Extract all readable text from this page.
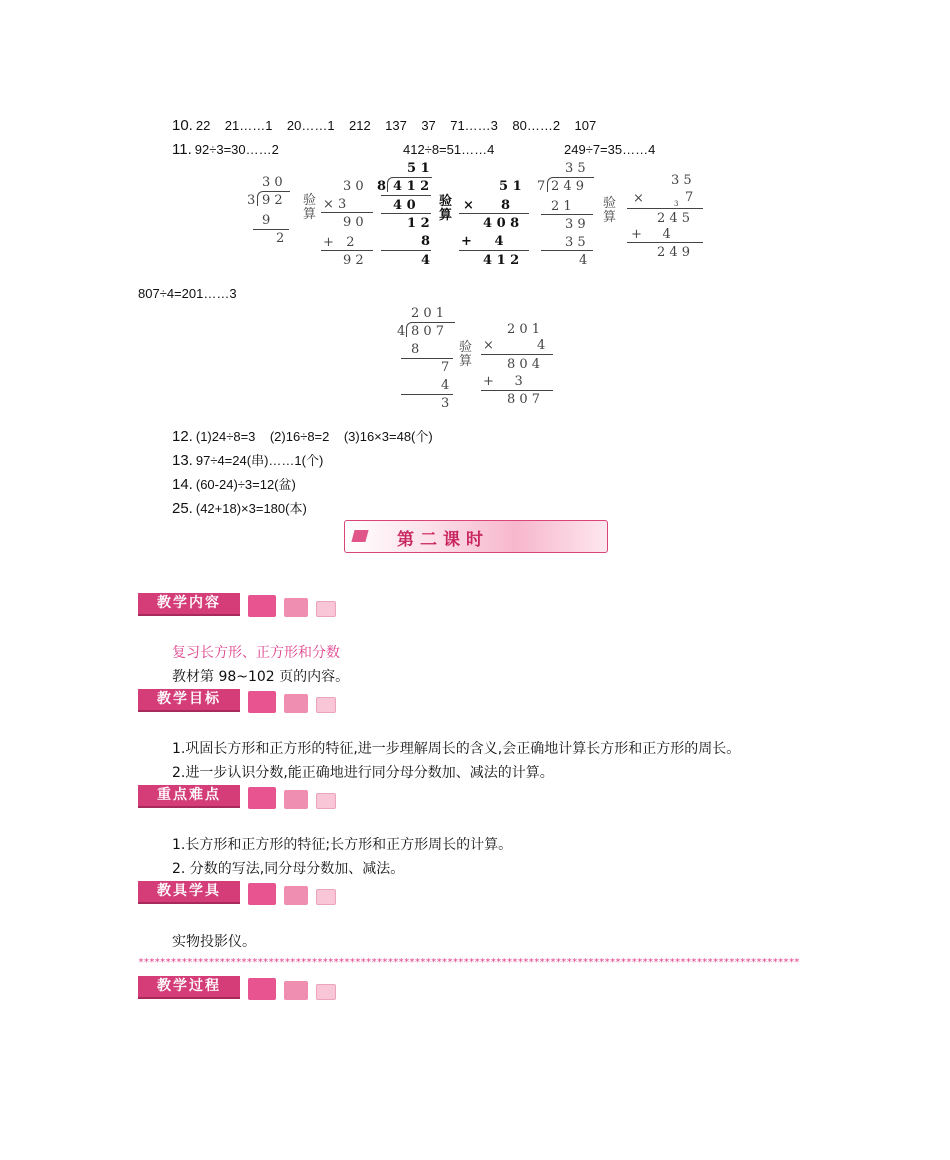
10. 22    21……1    20……1    212    137    37    71……3    80……2    107
11. 92÷3=30……2	412÷8=51……4	249÷7=35……4
3 0
3 9 2
9
2
验
算
3 0
× 3
9 0
+   2
9 2
5 1
8 4 1 2
4 0
1 2
8
4
验
算
5 1
×      8
4 0 8
+     4
4 1 2
3 5
7 2 4 9
2 1
3 9
3 5
4
验
算
3 5
×	7
3
2 4 5
+     4
2 4 9
807÷4=201……3
2 0 1
4 8 0 7
8
7
4
3
验
算
2 0 1
×	4
8 0 4
+     3
8 0 7
12. (1)24÷8=3    (2)16÷8=2    (3)16×3=48(个)
13. 97÷4=24(串)……1(个)
14. (60-24)÷3=12(盆)
25. (42+18)×3=180(本)
第二课时
教学内容
复习长方形、正方形和分数
教材第 98~102 页的内容。
教学目标
1.巩固长方形和正方形的特征,进一步理解周长的含义,会正确地计算长方形和正方形的周长。
2.进一步认识分数,能正确地进行同分母分数加、减法的计算。
重点难点
1.长方形和正方形的特征;长方形和正方形周长的计算。
2. 分数的写法,同分母分数加、减法。
教具学具
实物投影仪。
**************************************************************************************************************************
教学过程
